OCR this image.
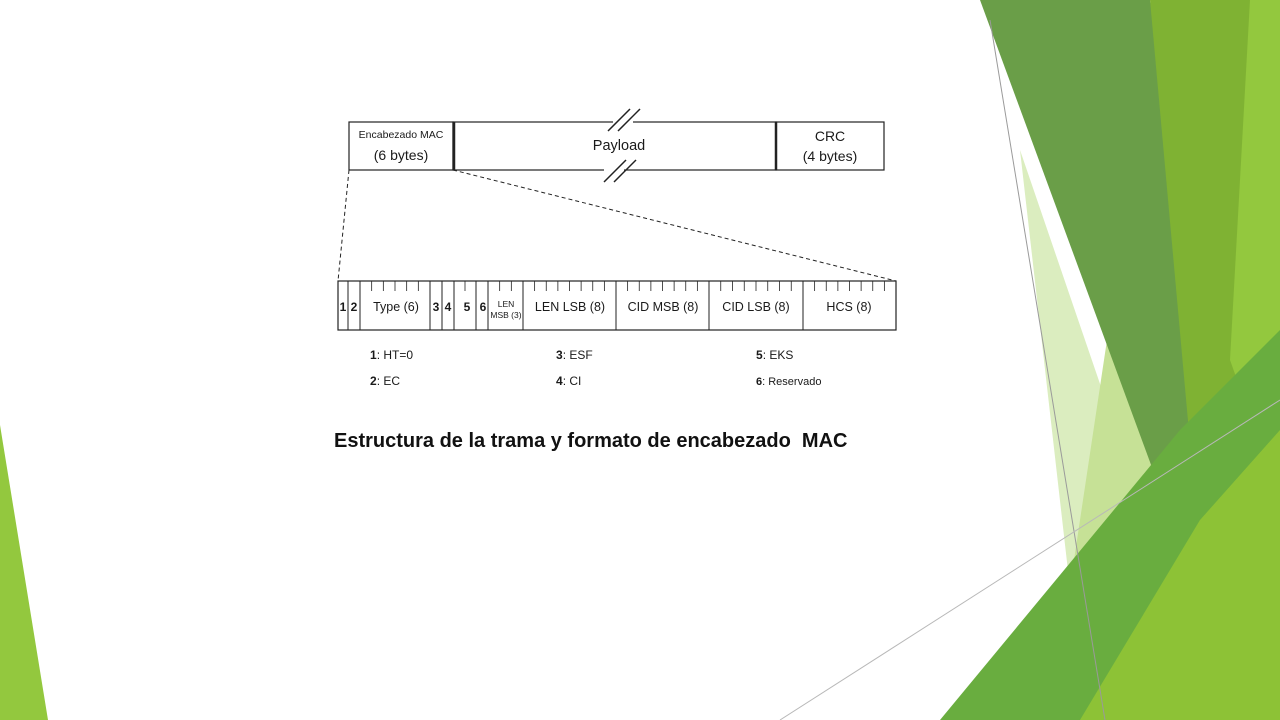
Encabezado MAC
(6 bytes)
Payload
CRC
(4 bytes)
1 2 Type (6) 3 4 5 6 LEN
MSB (3)
LEN LSB (8) CID MSB (8) CID LSB (8)	HCS (8)
1: HT=0
2: EC
3: ESF
4: CI
5: EKS
6: Reservado
Estructura de la trama y formato de encabezado  MAC
